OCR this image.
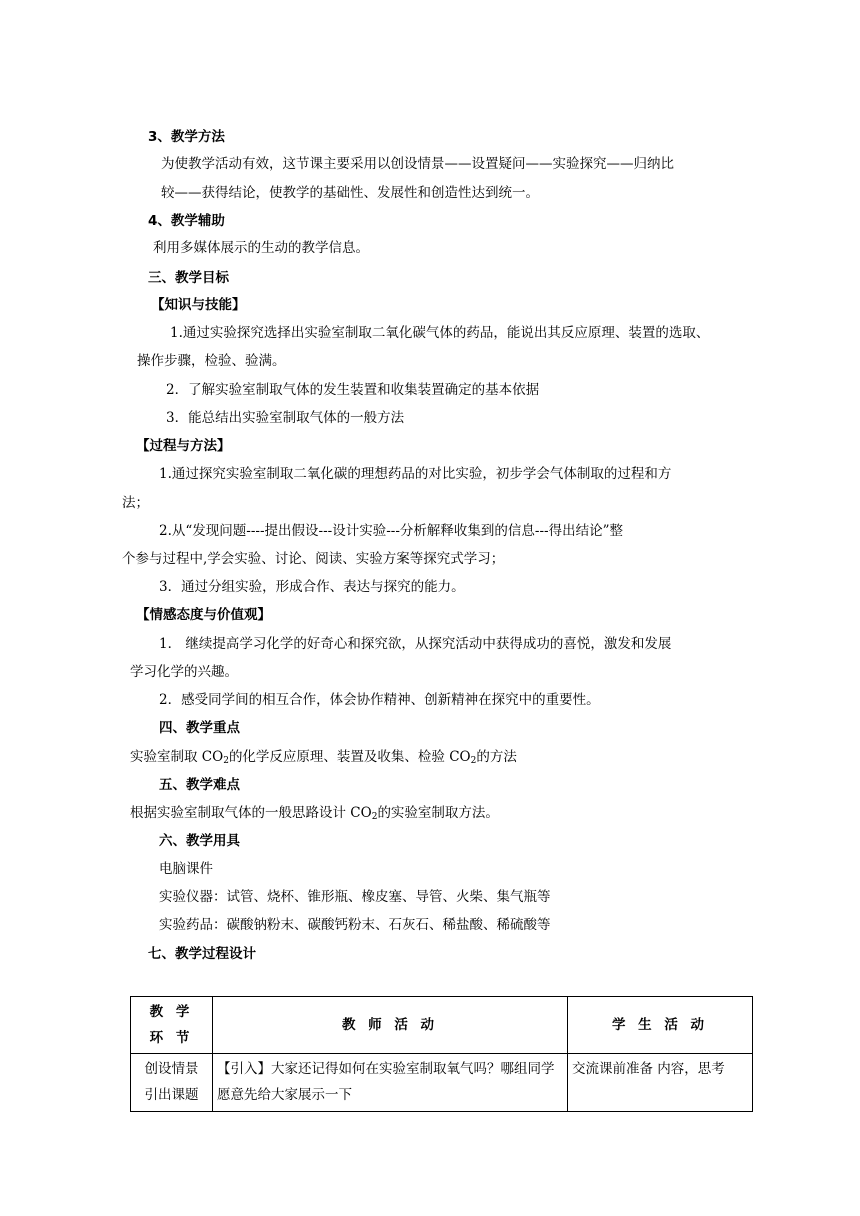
3、教学方法
为使教学活动有效，这节课主要采用以创设情景——设置疑问——实验探究——归纳比
较——获得结论，使教学的基础性、发展性和创造性达到统一。
4、教学辅助
利用多媒体展示的生动的教学信息。
三、教学目标
【知识与技能】
1.通过实验探究选择出实验室制取二氧化碳气体的药品，能说出其反应原理、装置的选取、
操作步骤，检验、验满。
2．了解实验室制取气体的发生装置和收集装置确定的基本依据
3．能总结出实验室制取气体的一般方法
【过程与方法】
1.通过探究实验室制取二氧化碳的理想药品的对比实验，初步学会气体制取的过程和方
法；
2.从“发现问题----提出假设---设计实验---分析解释收集到的信息---得出结论”整
个参与过程中,学会实验、讨论、阅读、实验方案等探究式学习；
3．通过分组实验，形成合作、表达与探究的能力。
【情感态度与价值观】
1． 继续提高学习化学的好奇心和探究欲，从探究活动中获得成功的喜悦，激发和发展
学习化学的兴趣。
2．感受同学间的相互合作，体会协作精神、创新精神在探究中的重要性。
四、教学重点
实验室制取 $CO_2$的化学反应原理、装置及收集、检验 $CO_2$的方法
五、教学难点
根据实验室制取气体的一般思路设计 $CO_2$的实验室制取方法。
六、教学用具
电脑课件
实验仪器：试管、烧杯、锥形瓶、橡皮塞、导管、火柴、集气瓶等
实验药品：碳酸钠粉末、碳酸钙粉末、石灰石、稀盐酸、稀硫酸等
七、教学过程设计
教 学
环 节	教 师 活 动	学 生 活 动

创设情景
引出课题	【引入】大家还记得如何在实验室制取氧气吗？哪组同学愿意先给大家展示一下	交流课前准备 内容，思考
